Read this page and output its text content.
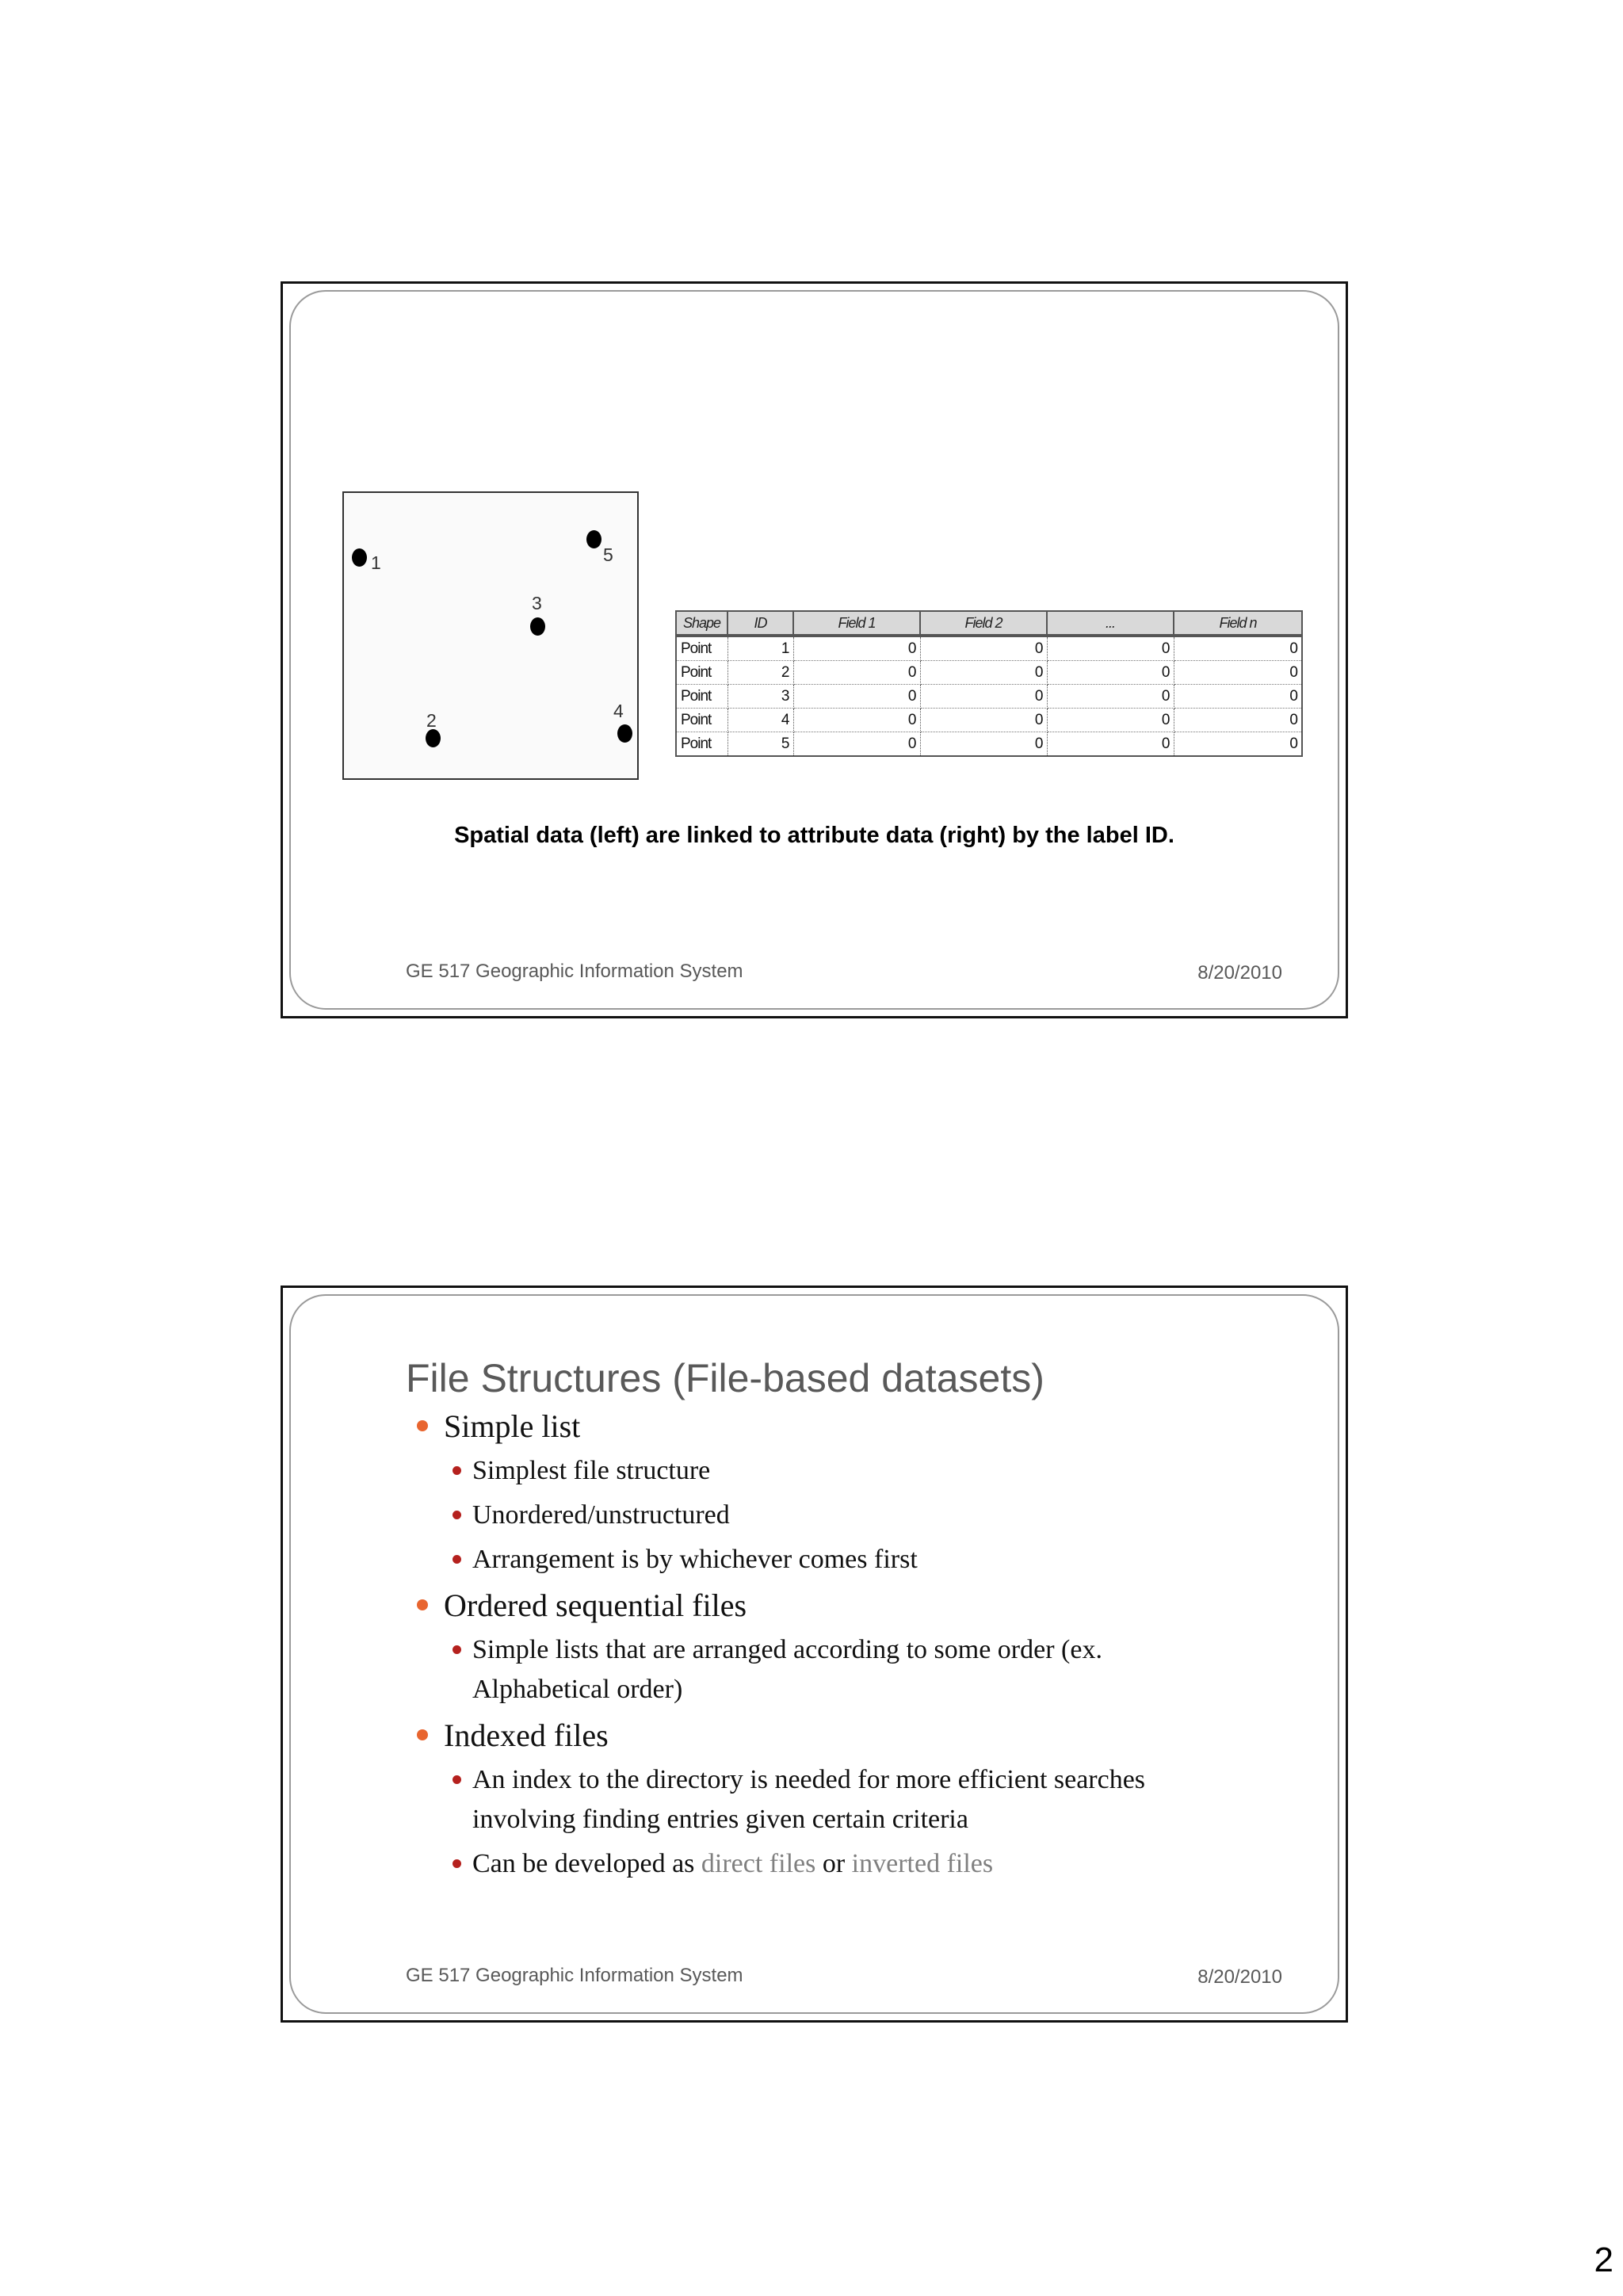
1	5
3
2	4
Shape	ID	Field 1	Field 2	...	Field n
Point	1	0	0	0	0
Point	2	0	0	0	0
Point	3	0	0	0	0
Point	4	0	0	0	0
Point	5	0	0	0	0
Spatial data (left) are linked to attribute data (right) by the label ID.
GE 517 Geographic Information System	8/20/2010
File Structures (File-based datasets)
Simple list
Simplest file structure
Unordered/unstructured
Arrangement is by whichever comes first
Ordered sequential files
Simple lists that are arranged according to some order (ex. Alphabetical order)
Indexed files
An index to the directory is needed for more efficient searches involving finding entries given certain criteria
Can be developed as direct files or inverted files
GE 517 Geographic Information System	8/20/2010
2
